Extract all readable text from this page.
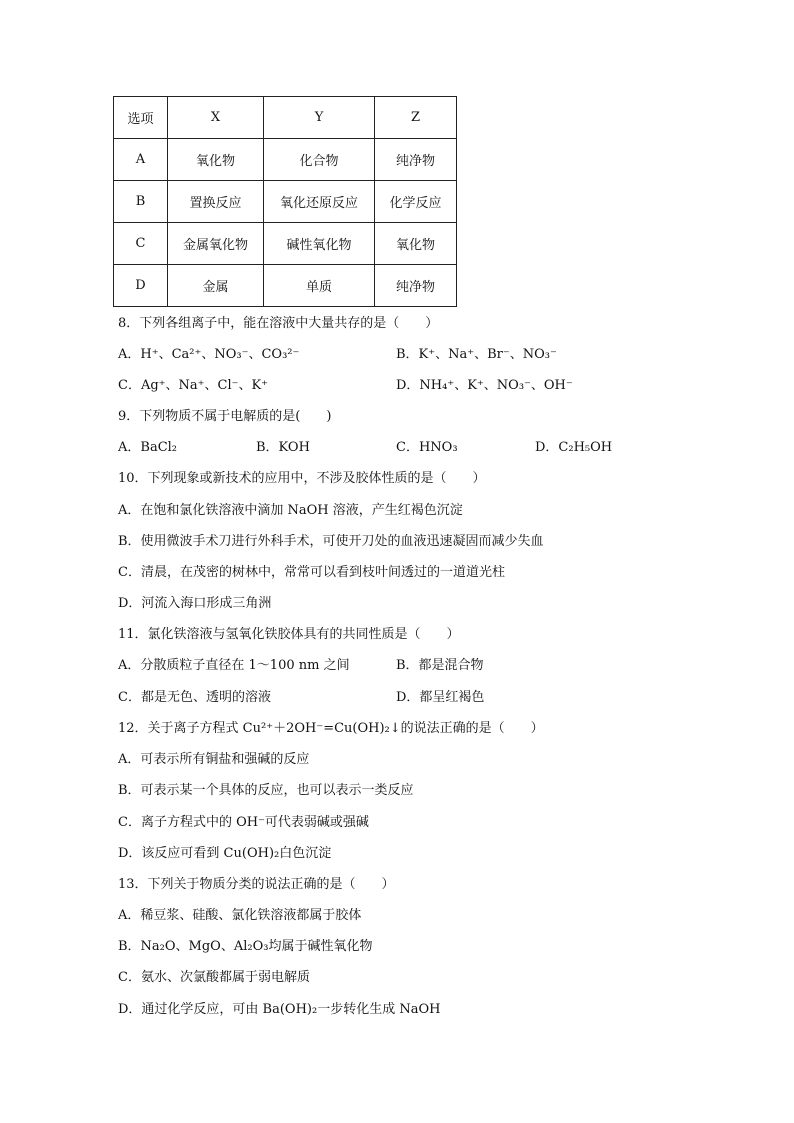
选项	X	Y	Z
A	氧化物	化合物	纯净物
B	置换反应	氧化还原反应	化学反应
C	金属氧化物	碱性氧化物	氧化物
D	金属	单质	纯净物
8．下列各组离子中，能在溶液中大量共存的是（　　）
A．H⁺、Ca²⁺、NO₃⁻、CO₃²⁻	B．K⁺、Na⁺、Br⁻、NO₃⁻
C．Ag⁺、Na⁺、Cl⁻、K⁺	D．NH₄⁺、K⁺、NO₃⁻、OH⁻
9．下列物质不属于电解质的是(　　)
A．BaCl₂	B．KOH	C．HNO₃	D．C₂H₅OH
10．下列现象或新技术的应用中，不涉及胶体性质的是（　　）
A．在饱和氯化铁溶液中滴加 NaOH 溶液，产生红褐色沉淀
B．使用微波手术刀进行外科手术，可使开刀处的血液迅速凝固而减少失血
C．清晨，在茂密的树林中，常常可以看到枝叶间透过的一道道光柱
D．河流入海口形成三角洲
11．氯化铁溶液与氢氧化铁胶体具有的共同性质是（　　）
A．分散质粒子直径在 1～100 nm 之间	B．都是混合物
C．都是无色、透明的溶液	D．都呈红褐色
12．关于离子方程式 Cu²⁺＋2OH⁻=Cu(OH)₂↓的说法正确的是（　　）
A．可表示所有铜盐和强碱的反应
B．可表示某一个具体的反应，也可以表示一类反应
C．离子方程式中的 OH⁻可代表弱碱或强碱
D．该反应可看到 Cu(OH)₂白色沉淀
13．下列关于物质分类的说法正确的是（　　）
A．稀豆浆、硅酸、氯化铁溶液都属于胶体
B．Na₂O、MgO、Al₂O₃均属于碱性氧化物
C．氨水、次氯酸都属于弱电解质
D．通过化学反应，可由 Ba(OH)₂一步转化生成 NaOH
